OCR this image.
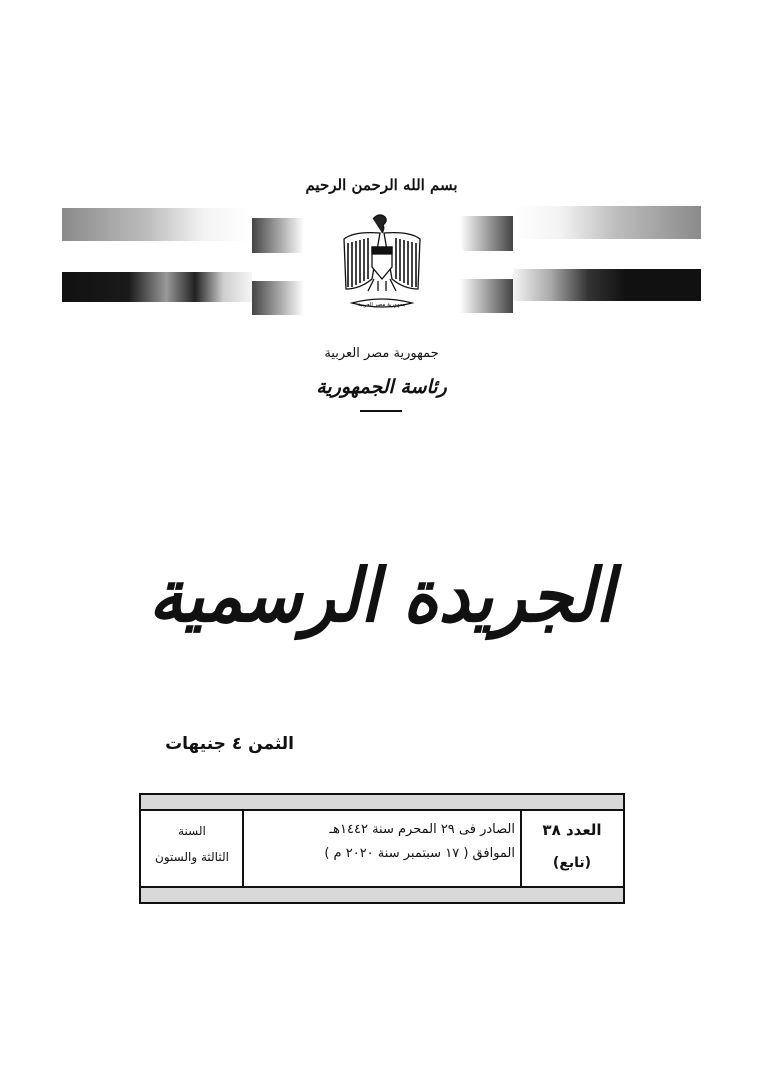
بسم الله الرحمن الرحيم
جمهورية مصر العربية
جمهورية مصر العربية
رئاسة الجمهورية
الجريدة الرسمية
الثمن ٤ جنيهات
العدد ٣٨
(تابع)
الصادر فى ٢٩ المحرم سنة ١٤٤٢هـ
الموافق ( ١٧ سبتمبر سنة ٢٠٢٠ م )
السنة
الثالثة والستون
